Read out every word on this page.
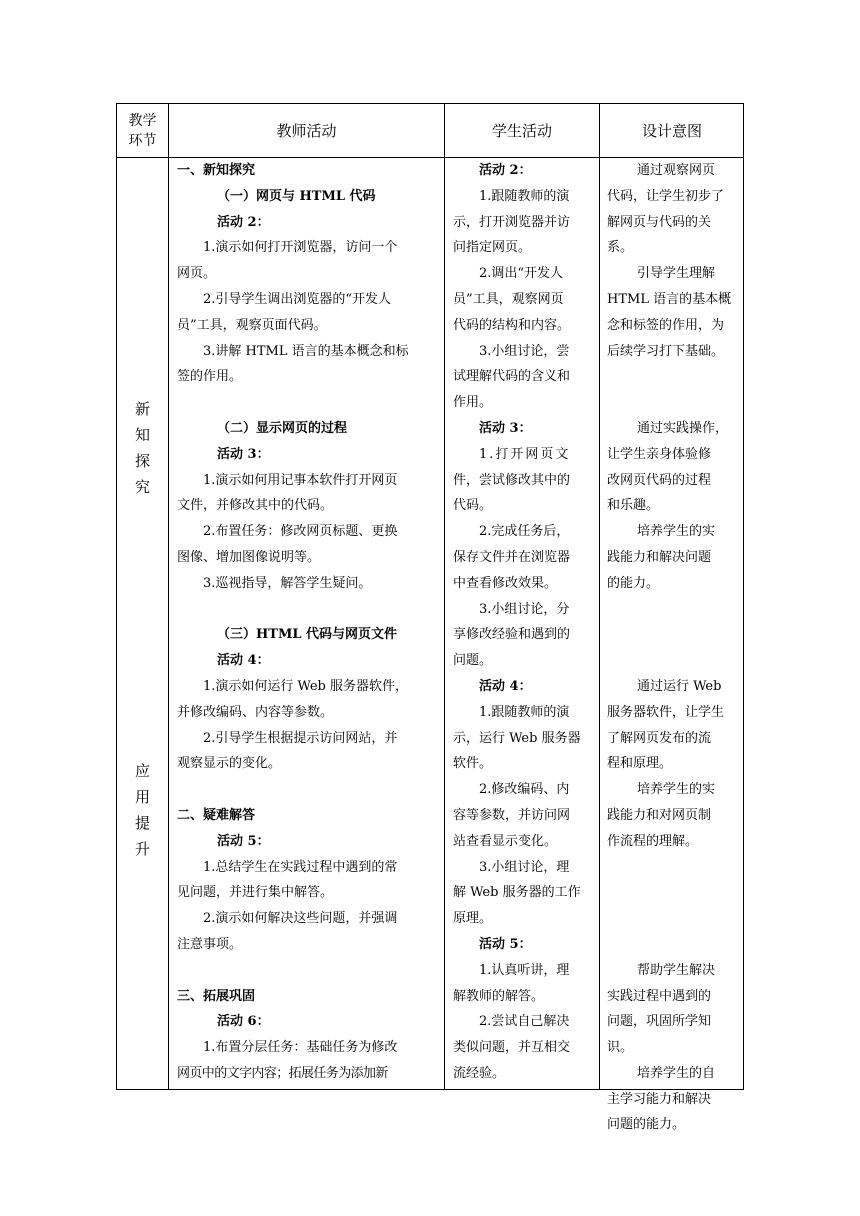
教学
环节
教师活动	学生活动	设计意图
新
知
探
究
应
用
提
升
一、新知探究
（一）网页与 HTML 代码
活动 2：
1.演示如何打开浏览器，访问一个
网页。
2.引导学生调出浏览器的“开发人
员”工具，观察页面代码。
3.讲解 HTML 语言的基本概念和标
签的作用。
（二）显示网页的过程
活动 3：
1.演示如何用记事本软件打开网页
文件，并修改其中的代码。
2.布置任务：修改网页标题、更换
图像、增加图像说明等。
3.巡视指导，解答学生疑问。
（三）HTML 代码与网页文件
活动 4：
1.演示如何运行 Web 服务器软件，
并修改编码、内容等参数。
2.引导学生根据提示访问网站，并
观察显示的变化。
二、疑难解答
活动 5：
1.总结学生在实践过程中遇到的常
见问题，并进行集中解答。
2.演示如何解决这些问题，并强调
注意事项。
三、拓展巩固
活动 6：
1.布置分层任务：基础任务为修改
网页中的文字内容；拓展任务为添加新
活动 2：
1.跟随教师的演
示，打开浏览器并访
问指定网页。
2.调出“开发人
员”工具，观察网页
代码的结构和内容。
3.小组讨论，尝
试理解代码的含义和
作用。
活动 3：
1.打开网页文
件，尝试修改其中的
代码。
2.完成任务后，
保存文件并在浏览器
中查看修改效果。
3.小组讨论，分
享修改经验和遇到的
问题。
活动 4：
1.跟随教师的演
示，运行 Web 服务器
软件。
2.修改编码、内
容等参数，并访问网
站查看显示变化。
3.小组讨论，理
解 Web 服务器的工作
原理。
活动 5：
1.认真听讲，理
解教师的解答。
2.尝试自己解决
类似问题，并互相交
流经验。
通过观察网页
代码，让学生初步了
解网页与代码的关
系。
引导学生理解
HTML 语言的基本概
念和标签的作用，为
后续学习打下基础。
通过实践操作，
让学生亲身体验修
改网页代码的过程
和乐趣。
培养学生的实
践能力和解决问题
的能力。
通过运行 Web
服务器软件，让学生
了解网页发布的流
程和原理。
培养学生的实
践能力和对网页制
作流程的理解。
帮助学生解决
实践过程中遇到的
问题，巩固所学知
识。
培养学生的自
主学习能力和解决
问题的能力。
